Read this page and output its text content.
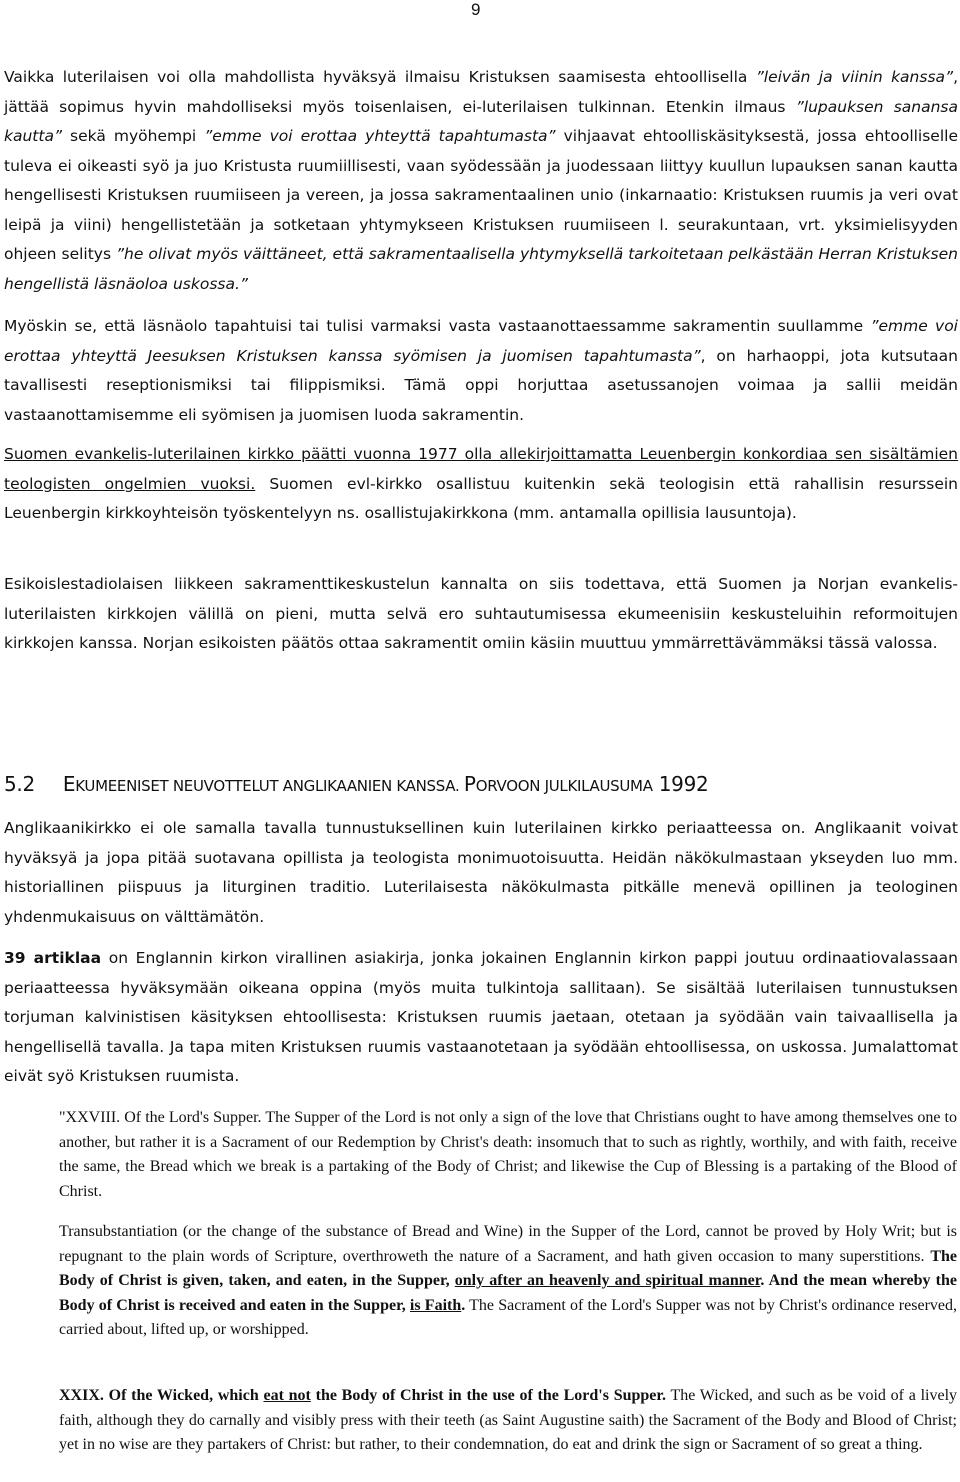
9

Vaikka luterilaisen voi olla mahdollista hyväksyä ilmaisu Kristuksen saamisesta ehtoollisella ”leivän ja viinin kanssa”, jättää sopimus hyvin mahdolliseksi myös toisenlaisen, ei-luterilaisen tulkinnan. Etenkin ilmaus ”lupauksen sanansa kautta” sekä myöhempi ”emme voi erottaa yhteyttä tapahtumasta” vihjaavat ehtoolliskäsityksestä, jossa ehtoolliselle tuleva ei oikeasti syö ja juo Kristusta ruumiillisesti, vaan syödessään ja juodessaan liittyy kuullun lupauksen sanan kautta hengellisesti Kristuksen ruumiiseen ja vereen, ja jossa sakramentaalinen unio (inkarnaatio: Kristuksen ruumis ja veri ovat leipä ja viini) hengellistetään ja sotketaan yhtymykseen Kristuksen ruumiiseen l. seurakuntaan, vrt. yksimielisyyden ohjeen selitys ”he olivat myös väittäneet, että sakramentaalisella yhtymyksellä tarkoitetaan pelkästään Herran Kristuksen hengellistä läsnäoloa uskossa.”

Myöskin se, että läsnäolo tapahtuisi tai tulisi varmaksi vasta vastaanottaessamme sakramentin suullamme ”emme voi erottaa yhteyttä Jeesuksen Kristuksen kanssa syömisen ja juomisen tapahtumasta”, on harhaoppi, jota kutsutaan tavallisesti reseptionismiksi tai filippismiksi. Tämä oppi horjuttaa asetussanojen voimaa ja sallii meidän vastaanottamisemme eli syömisen ja juomisen luoda sakramentin.

Suomen evankelis-luterilainen kirkko päätti vuonna 1977 olla allekirjoittamatta Leuenbergin konkordiaa sen sisältämien teologisten ongelmien vuoksi. Suomen evl-kirkko osallistuu kuitenkin sekä teologisin että rahallisin resurssein Leuenbergin kirkkoyhteisön työskentelyyn ns. osallistujakirkkona (mm. antamalla opillisia lausuntoja).

Esikoislestadiolaisen liikkeen sakramenttikeskustelun kannalta on siis todettava, että Suomen ja Norjan evankelis-luterilaisten kirkkojen välillä on pieni, mutta selvä ero suhtautumisessa ekumeenisiin keskusteluihin reformoitujen kirkkojen kanssa. Norjan esikoisten päätös ottaa sakramentit omiin käsiin muuttuu ymmärrettävämmäksi tässä valossa.

5.2 EKUMEENISET NEUVOTTELUT ANGLIKAANIEN KANSSA. PORVOON JULKILAUSUMA 1992

Anglikaanikirkko ei ole samalla tavalla tunnustuksellinen kuin luterilainen kirkko periaatteessa on. Anglikaanit voivat hyväksyä ja jopa pitää suotavana opillista ja teologista monimuotoisuutta. Heidän näkökulmastaan ykseyden luo mm. historiallinen piispuus ja liturginen traditio. Luterilaisesta näkökulmasta pitkälle menevä opillinen ja teologinen yhdenmukaisuus on välttämätön.

39 artiklaa on Englannin kirkon virallinen asiakirja, jonka jokainen Englannin kirkon pappi joutuu ordinaatiovalassaan periaatteessa hyväksymään oikeana oppina (myös muita tulkintoja sallitaan). Se sisältää luterilaisen tunnustuksen torjuman kalvinistisen käsityksen ehtoollisesta: Kristuksen ruumis jaetaan, otetaan ja syödään vain taivaallisella ja hengellisellä tavalla. Ja tapa miten Kristuksen ruumis vastaanotetaan ja syödään ehtoollisessa, on uskossa. Jumalattomat eivät syö Kristuksen ruumista.

"XXVIII. Of the Lord's Supper. The Supper of the Lord is not only a sign of the love that Christians ought to have among themselves one to another, but rather it is a Sacrament of our Redemption by Christ's death: insomuch that to such as rightly, worthily, and with faith, receive the same, the Bread which we break is a partaking of the Body of Christ; and likewise the Cup of Blessing is a partaking of the Blood of Christ.

Transubstantiation (or the change of the substance of Bread and Wine) in the Supper of the Lord, cannot be proved by Holy Writ; but is repugnant to the plain words of Scripture, overthroweth the nature of a Sacrament, and hath given occasion to many superstitions. The Body of Christ is given, taken, and eaten, in the Supper, only after an heavenly and spiritual manner. And the mean whereby the Body of Christ is received and eaten in the Supper, is Faith. The Sacrament of the Lord's Supper was not by Christ's ordinance reserved, carried about, lifted up, or worshipped.

XXIX. Of the Wicked, which eat not the Body of Christ in the use of the Lord's Supper. The Wicked, and such as be void of a lively faith, although they do carnally and visibly press with their teeth (as Saint Augustine saith) the Sacrament of the Body and Blood of Christ; yet in no wise are they partakers of Christ: but rather, to their condemnation, do eat and drink the sign or Sacrament of so great a thing.
